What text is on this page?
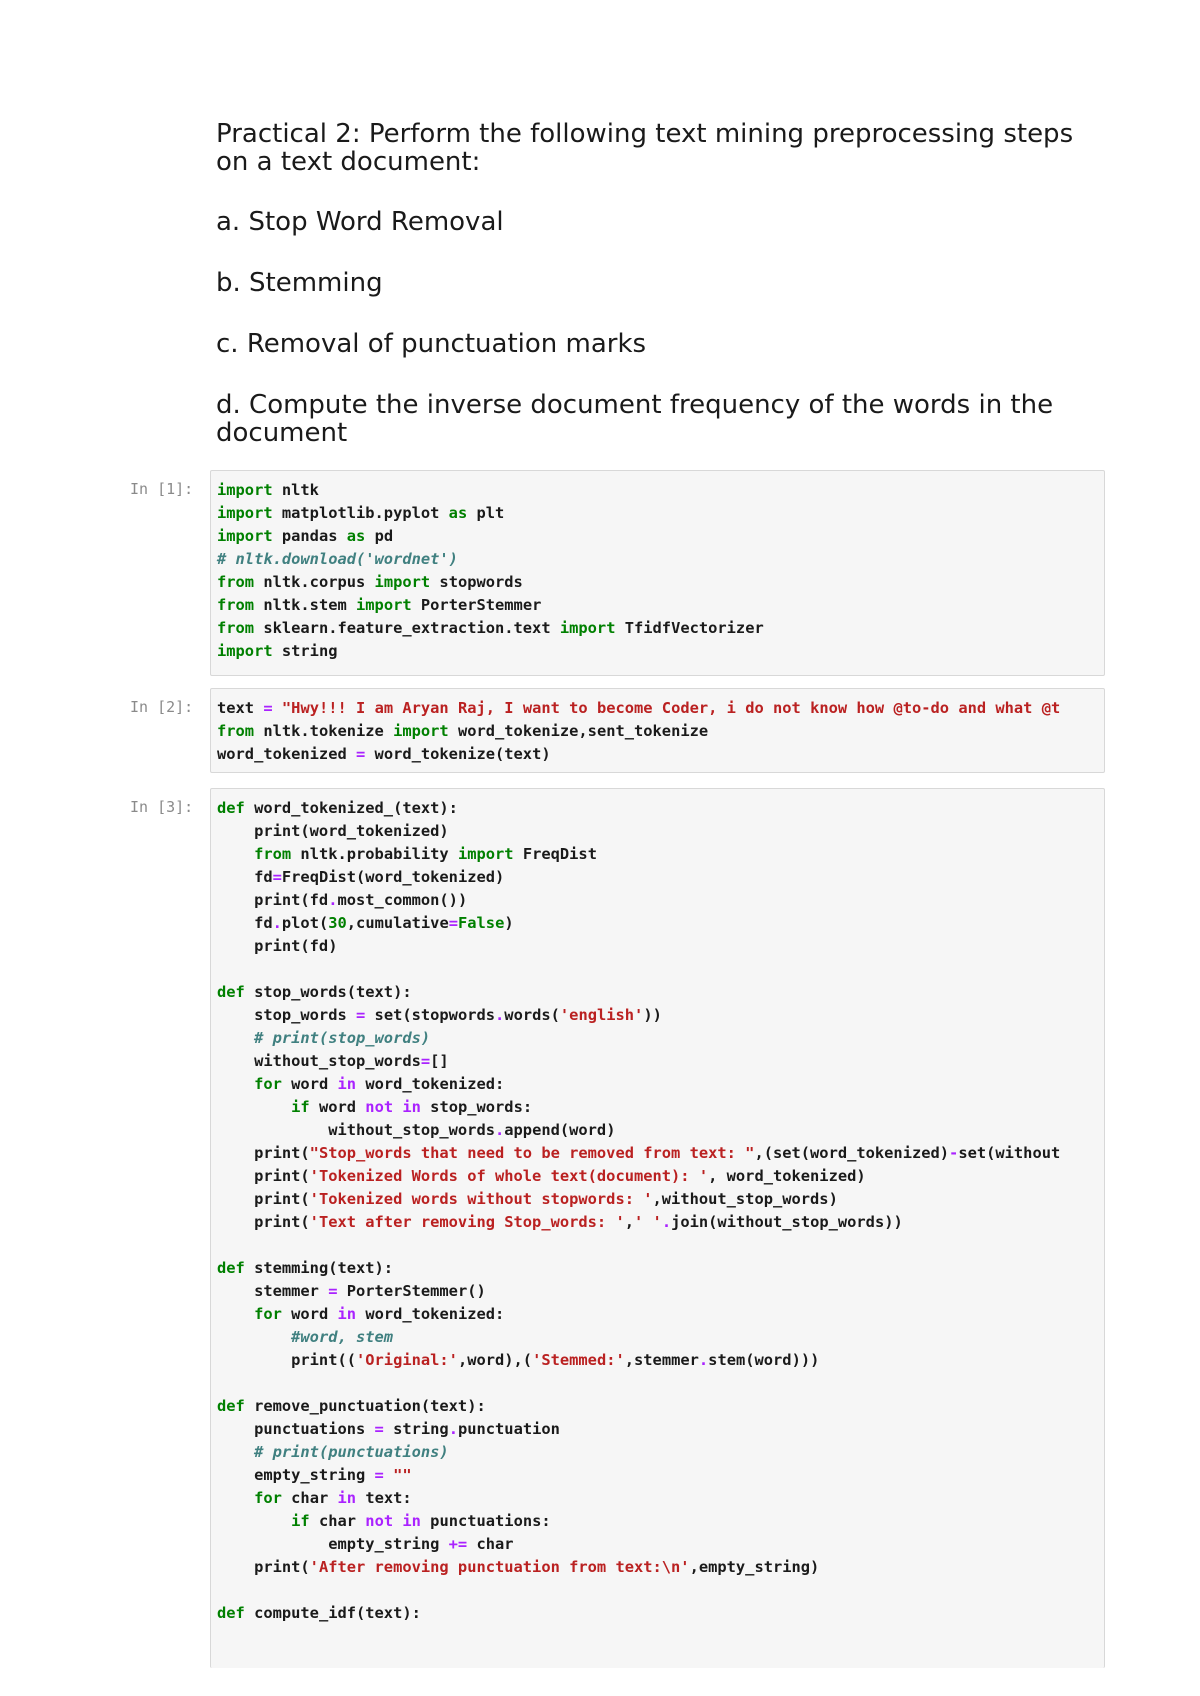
Practical 2: Perform the following text mining preprocessing steps
on a text document:
a. Stop Word Removal
b. Stemming
c. Removal of punctuation marks
d. Compute the inverse document frequency of the words in the
document
In [1]:	import nltk
import matplotlib.pyplot as plt
import pandas as pd
# nltk.download('wordnet')
from nltk.corpus import stopwords
from nltk.stem import PorterStemmer
from sklearn.feature_extraction.text import TfidfVectorizer
import string
In [2]:	text = "Hwy!!! I am Aryan Raj, I want to become Coder, i do not know how @to-do and what @t
from nltk.tokenize import word_tokenize,sent_tokenize
word_tokenized = word_tokenize(text)
In [3]:	def word_tokenized_(text):
print(word_tokenized)
from nltk.probability import FreqDist
fd=FreqDist(word_tokenized)
print(fd.most_common())
fd.plot(30,cumulative=False)
print(fd)
def stop_words(text):
stop_words = set(stopwords.words('english'))
# print(stop_words)
without_stop_words=[]
for word in word_tokenized:
if word not in stop_words:
without_stop_words.append(word)
print("Stop_words that need to be removed from text: ",(set(word_tokenized)-set(without
print('Tokenized Words of whole text(document): ', word_tokenized)
print('Tokenized words without stopwords: ',without_stop_words)
print('Text after removing Stop_words: ',' '.join(without_stop_words))
def stemming(text):
stemmer = PorterStemmer()
for word in word_tokenized:
#word, stem
print(('Original:',word),('Stemmed:',stemmer.stem(word)))
def remove_punctuation(text):
punctuations = string.punctuation
# print(punctuations)
empty_string = ""
for char in text:
if char not in punctuations:
empty_string += char
print('After removing punctuation from text:\n',empty_string)
def compute_idf(text):
